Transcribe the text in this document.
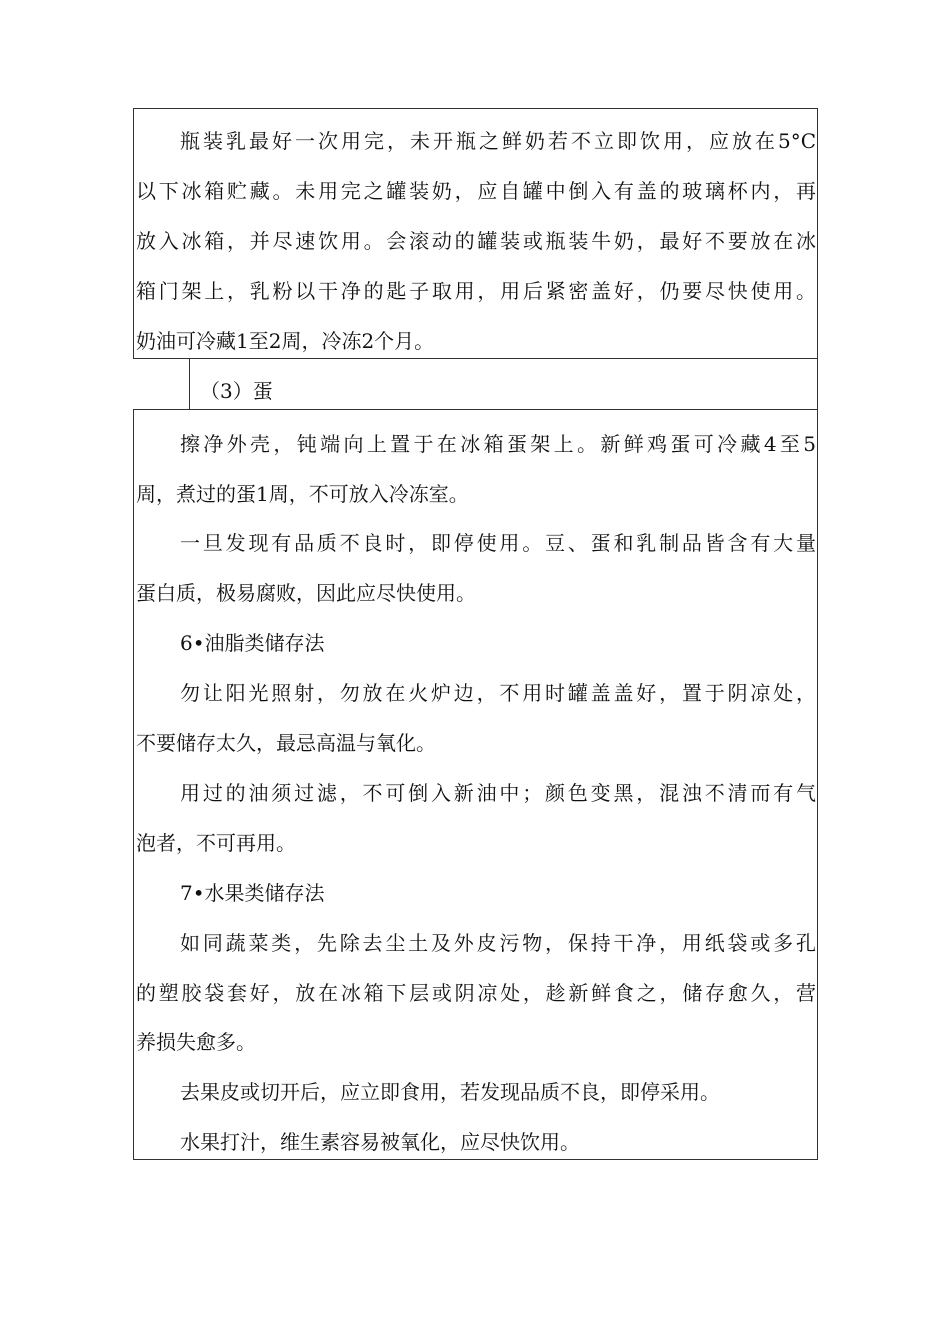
瓶装乳最好一次用完，未开瓶之鲜奶若不立即饮用，应放在5°C
以下冰箱贮藏。未用完之罐装奶，应自罐中倒入有盖的玻璃杯内，再
放入冰箱，并尽速饮用。会滚动的罐装或瓶装牛奶，最好不要放在冰
箱门架上，乳粉以干净的匙子取用，用后紧密盖好，仍要尽快使用。
奶油可冷藏1至2周，冷冻2个月。
（3）蛋
擦净外壳，钝端向上置于在冰箱蛋架上。新鲜鸡蛋可冷藏4至5
周，煮过的蛋1周，不可放入冷冻室。
一旦发现有品质不良时，即停使用。豆、蛋和乳制品皆含有大量
蛋白质，极易腐败，因此应尽快使用。
6•油脂类储存法
勿让阳光照射，勿放在火炉边，不用时罐盖盖好，置于阴凉处，
不要储存太久，最忌高温与氧化。
用过的油须过滤，不可倒入新油中；颜色变黑，混浊不清而有气
泡者，不可再用。
7•水果类储存法
如同蔬菜类，先除去尘土及外皮污物，保持干净，用纸袋或多孔
的塑胶袋套好，放在冰箱下层或阴凉处，趁新鲜食之，储存愈久，营
养损失愈多。
去果皮或切开后，应立即食用，若发现品质不良，即停采用。
水果打汁，维生素容易被氧化，应尽快饮用。
